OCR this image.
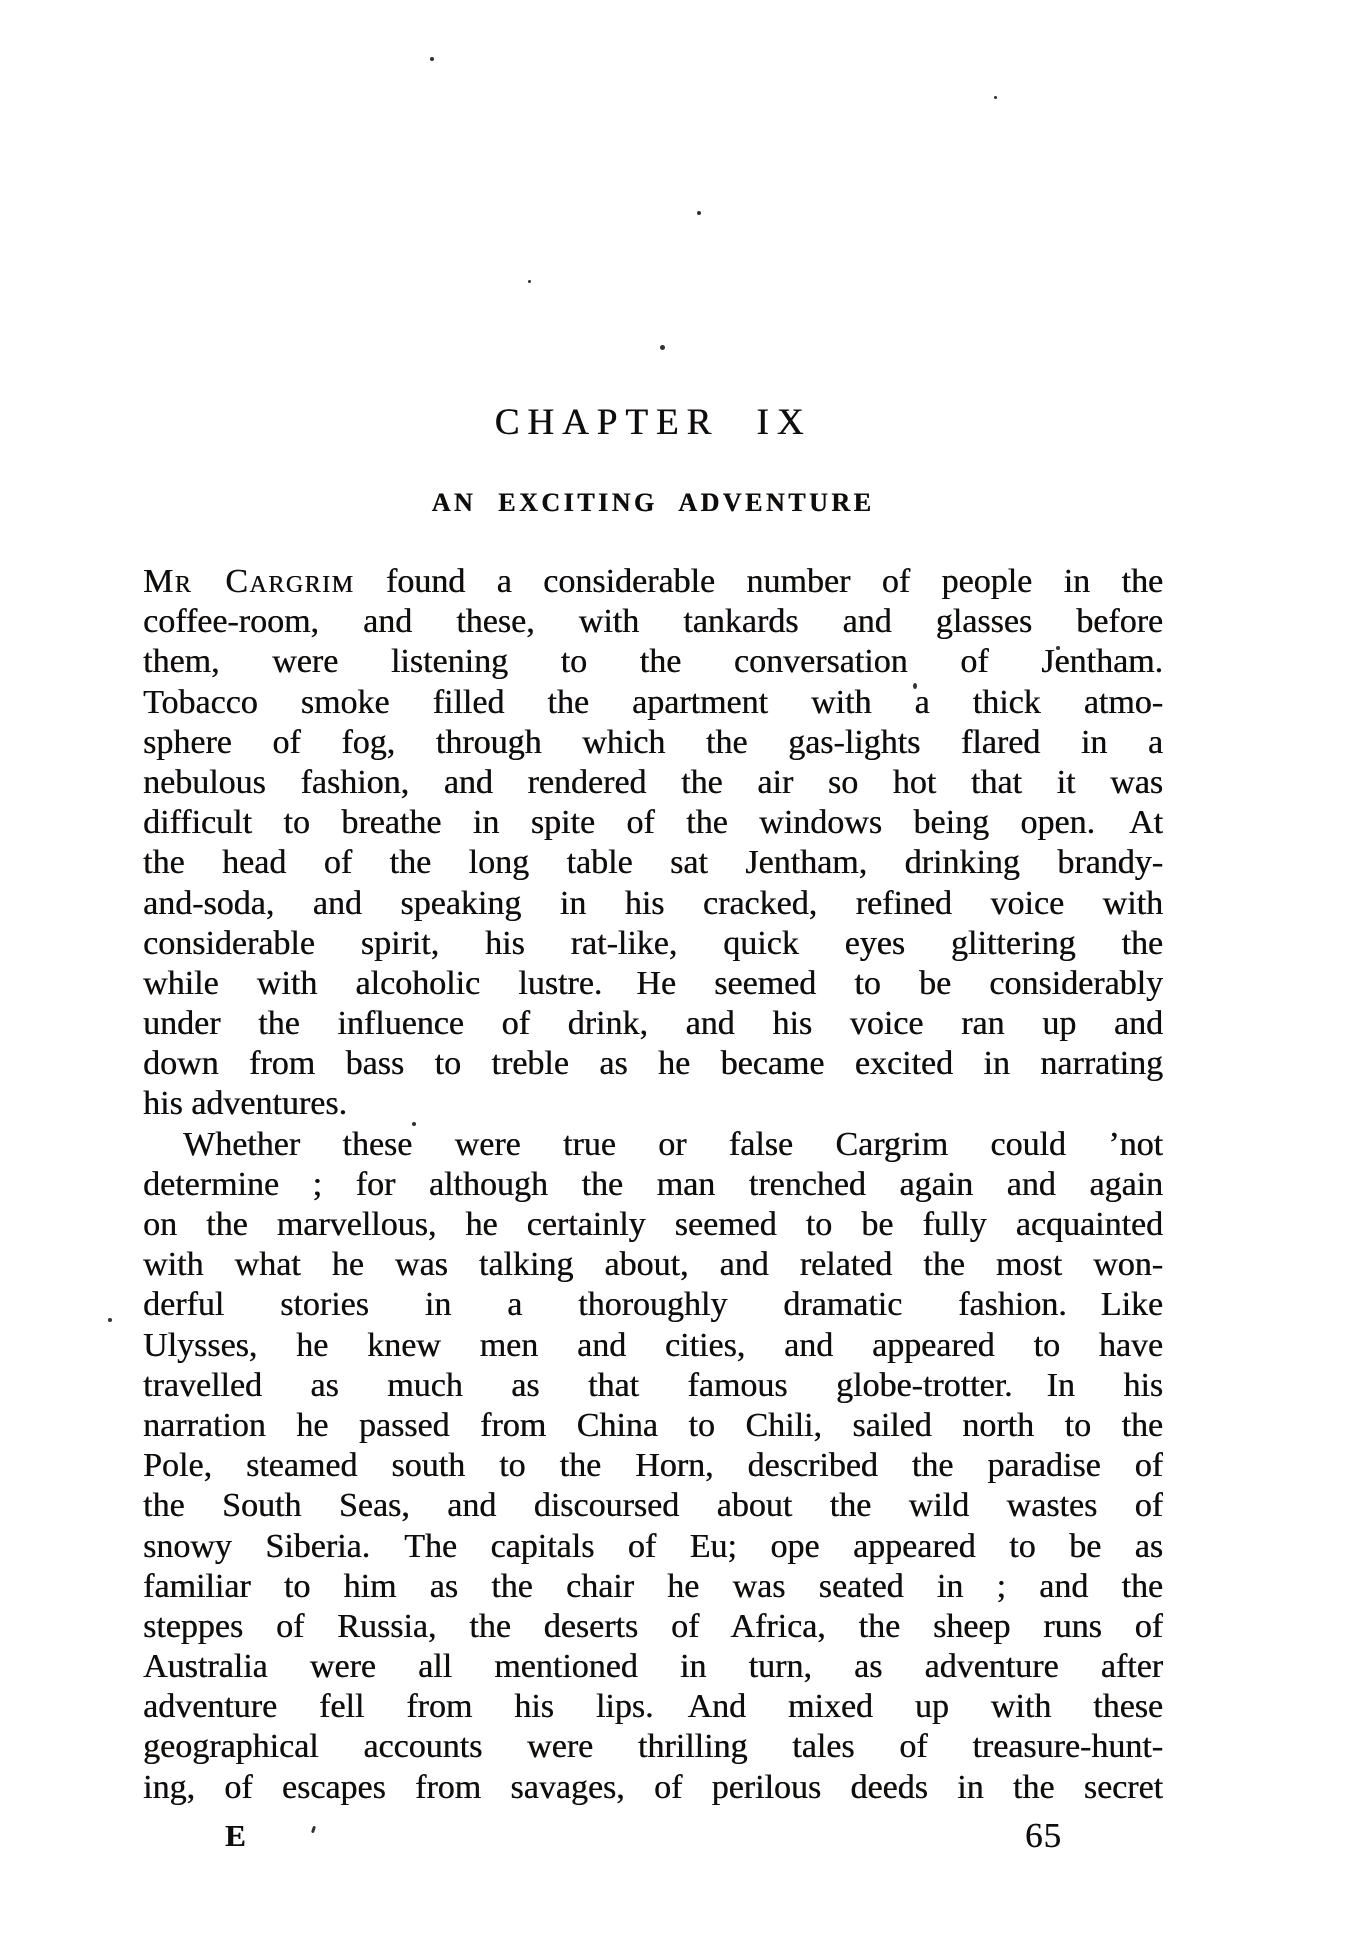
CHAPTER IX
AN EXCITING ADVENTURE
Mr Cargrim found a considerable number of people in the
coffee-room, and these, with tankards and glasses before
them, were listening to the conversation of Jentham.
Tobacco smoke filled the apartment with a thick atmo-
sphere of fog, through which the gas-lights flared in a
nebulous fashion, and rendered the air so hot that it was
difficult to breathe in spite of the windows being open. At
the head of the long table sat Jentham, drinking brandy-
and-soda, and speaking in his cracked, refined voice with
considerable spirit, his rat-like, quick eyes glittering the
while with alcoholic lustre. He seemed to be considerably
under the influence of drink, and his voice ran up and
down from bass to treble as he became excited in narrating
his adventures.
Whether these were true or false Cargrim could ’not
determine ; for although the man trenched again and again
on the marvellous, he certainly seemed to be fully acquainted
with what he was talking about, and related the most won-
derful stories in a thoroughly dramatic fashion. Like
Ulysses, he knew men and cities, and appeared to have
travelled as much as that famous globe-trotter. In his
narration he passed from China to Chili, sailed north to the
Pole, steamed south to the Horn, described the paradise of
the South Seas, and discoursed about the wild wastes of
snowy Siberia. The capitals of Eu; ope appeared to be as
familiar to him as the chair he was seated in ; and the
steppes of Russia, the deserts of Africa, the sheep runs of
Australia were all mentioned in turn, as adventure after
adventure fell from his lips. And mixed up with these
geographical accounts were thrilling tales of treasure-hunt-
ing, of escapes from savages, of perilous deeds in the secret
E	65
